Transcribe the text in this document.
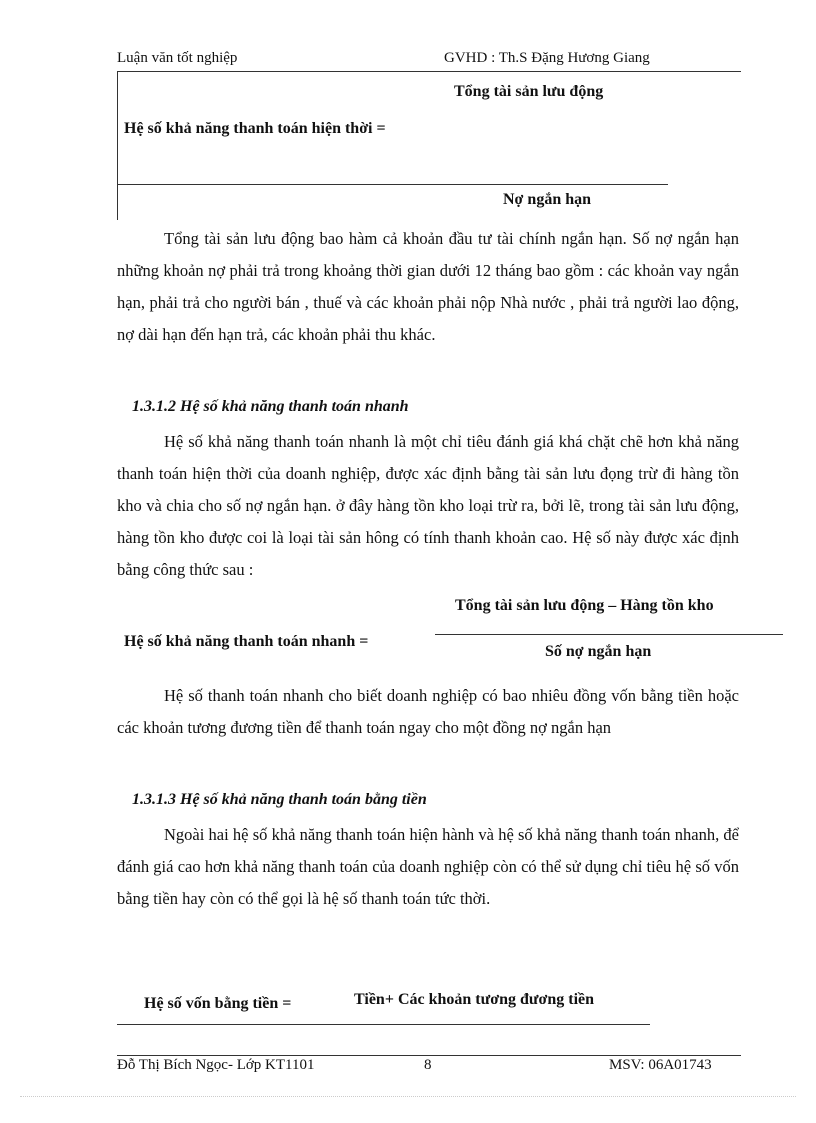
Luận văn tốt nghiệp	GVHD : Th.S Đặng Hương Giang
Tổng tài sản lưu động
Hệ số khả năng thanh toán hiện thời =
Nợ ngắn hạn

Tổng tài sản lưu động bao hàm cả khoản đầu tư tài chính ngắn hạn. Số nợ ngắn hạn những khoản nợ phải trả trong khoảng thời gian dưới 12 tháng bao gồm : các khoản vay ngắn hạn, phải trả cho người bán , thuế và các khoản phải nộp Nhà nước , phải trả người lao động, nợ dài hạn đến hạn trả, các khoản phải thu khác.

1.3.1.2 Hệ số khả năng thanh toán nhanh

Hệ số khả năng thanh toán nhanh là một chỉ tiêu đánh giá khá chặt chẽ hơn khả năng thanh toán hiện thời của doanh nghiệp, được xác định bằng tài sản lưu đọng trừ đi hàng tồn kho và chia cho số nợ ngắn hạn. ở đây hàng tồn kho loại trừ ra, bởi lẽ, trong tài sản lưu động, hàng tồn kho được coi là loại tài sản hông có tính thanh khoản cao. Hệ số này được xác định bằng công thức sau :

Tổng tài sản lưu động – Hàng tồn kho
Hệ số khả năng thanh toán nhanh =
Số nợ ngắn hạn

Hệ số thanh toán nhanh cho biết doanh nghiệp có bao nhiêu đồng vốn bằng tiền hoặc các khoản tương đương tiền để thanh toán ngay cho một đồng nợ ngắn hạn

1.3.1.3 Hệ số khả năng thanh toán bằng tiền

Ngoài hai hệ số khả năng thanh toán hiện hành và hệ số khả năng thanh toán nhanh, để đánh giá cao hơn khả năng thanh toán của doanh nghiệp còn có thể sử dụng chỉ tiêu hệ số vốn bằng tiền hay còn có thể gọi là hệ số thanh toán tức thời.

Hệ số vốn bằng tiền =	Tiền+ Các khoản tương đương tiền
Đỗ Thị Bích Ngọc- Lớp KT1101	8	MSV: 06A01743
